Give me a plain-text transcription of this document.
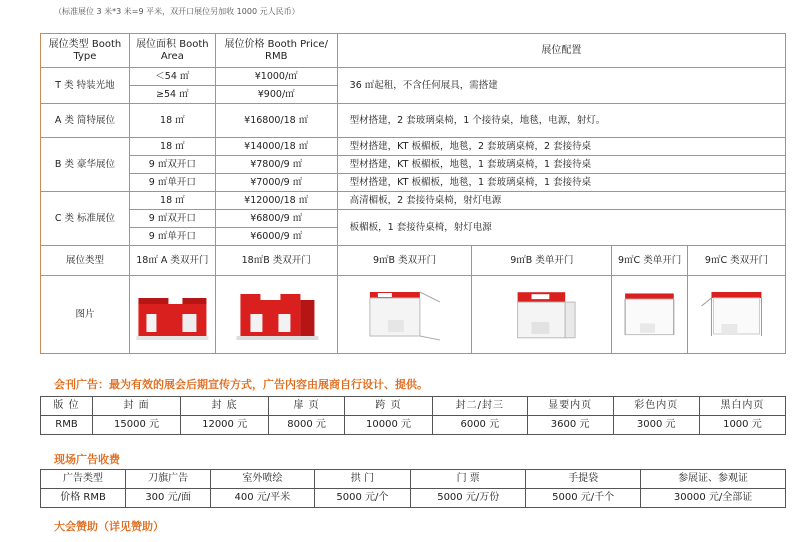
（标准展位 3 米*3 米=9 平米，双开口展位另加收 1000 元人民币）
展位类型 Booth Type	展位面积 Booth Area	展位价格 Booth Price/ RMB	展位配置			
T 类 特装光地	＜54 ㎡	¥1000/㎡	36 ㎡起租，不含任何展具，需搭建			
	≥54 ㎡	¥900/㎡				
A 类 简特展位	18 ㎡	¥16800/18 ㎡	型材搭建，2 套玻璃桌椅，1 个接待桌，地毯，电源，射灯。			
B 类 豪华展位	18 ㎡	¥14000/18 ㎡	型材搭建，KT 板楣板，地毯，2 套玻璃桌椅，2 套接待桌			
	9 ㎡双开口	¥7800/9 ㎡	型材搭建，KT 板楣板，地毯，1 套玻璃桌椅，1 套接待桌			
	9 ㎡单开口	¥7000/9 ㎡	型材搭建，KT 板楣板，地毯，1 套玻璃桌椅，1 套接待桌			
C 类 标准展位	18 ㎡	¥12000/18 ㎡	高清楣板，2 套接待桌椅，射灯电源			
	9 ㎡双开口	¥6800/9 ㎡	板楣板，1 套接待桌椅，射灯电源			
	9 ㎡单开口	¥6000/9 ㎡				
展位类型	18㎡ A 类双开门	18㎡B 类双开门	9㎡B 类双开门	9㎡B 类单开门	9㎡C 类单开门	9㎡C 类双开门
图片	

会刊广告：最为有效的展会后期宣传方式，广告内容由展商自行设计、提供。
版 位	封 面	封 底	扉 页	跨 页	封二/封三	显要内页	彩色内页	黑白内页
RMB	15000 元	12000 元	8000 元	10000 元	6000 元	3600 元	3000 元	1000 元
现场广告收费
广告类型	刀旗广告	室外喷绘	拱 门	门 票	手提袋	参展证、参观证
价格 RMB	300 元/面	400 元/平米	5000 元/个	5000 元/万份	5000 元/千个	30000 元/全部证
大会赞助（详见赞助）
